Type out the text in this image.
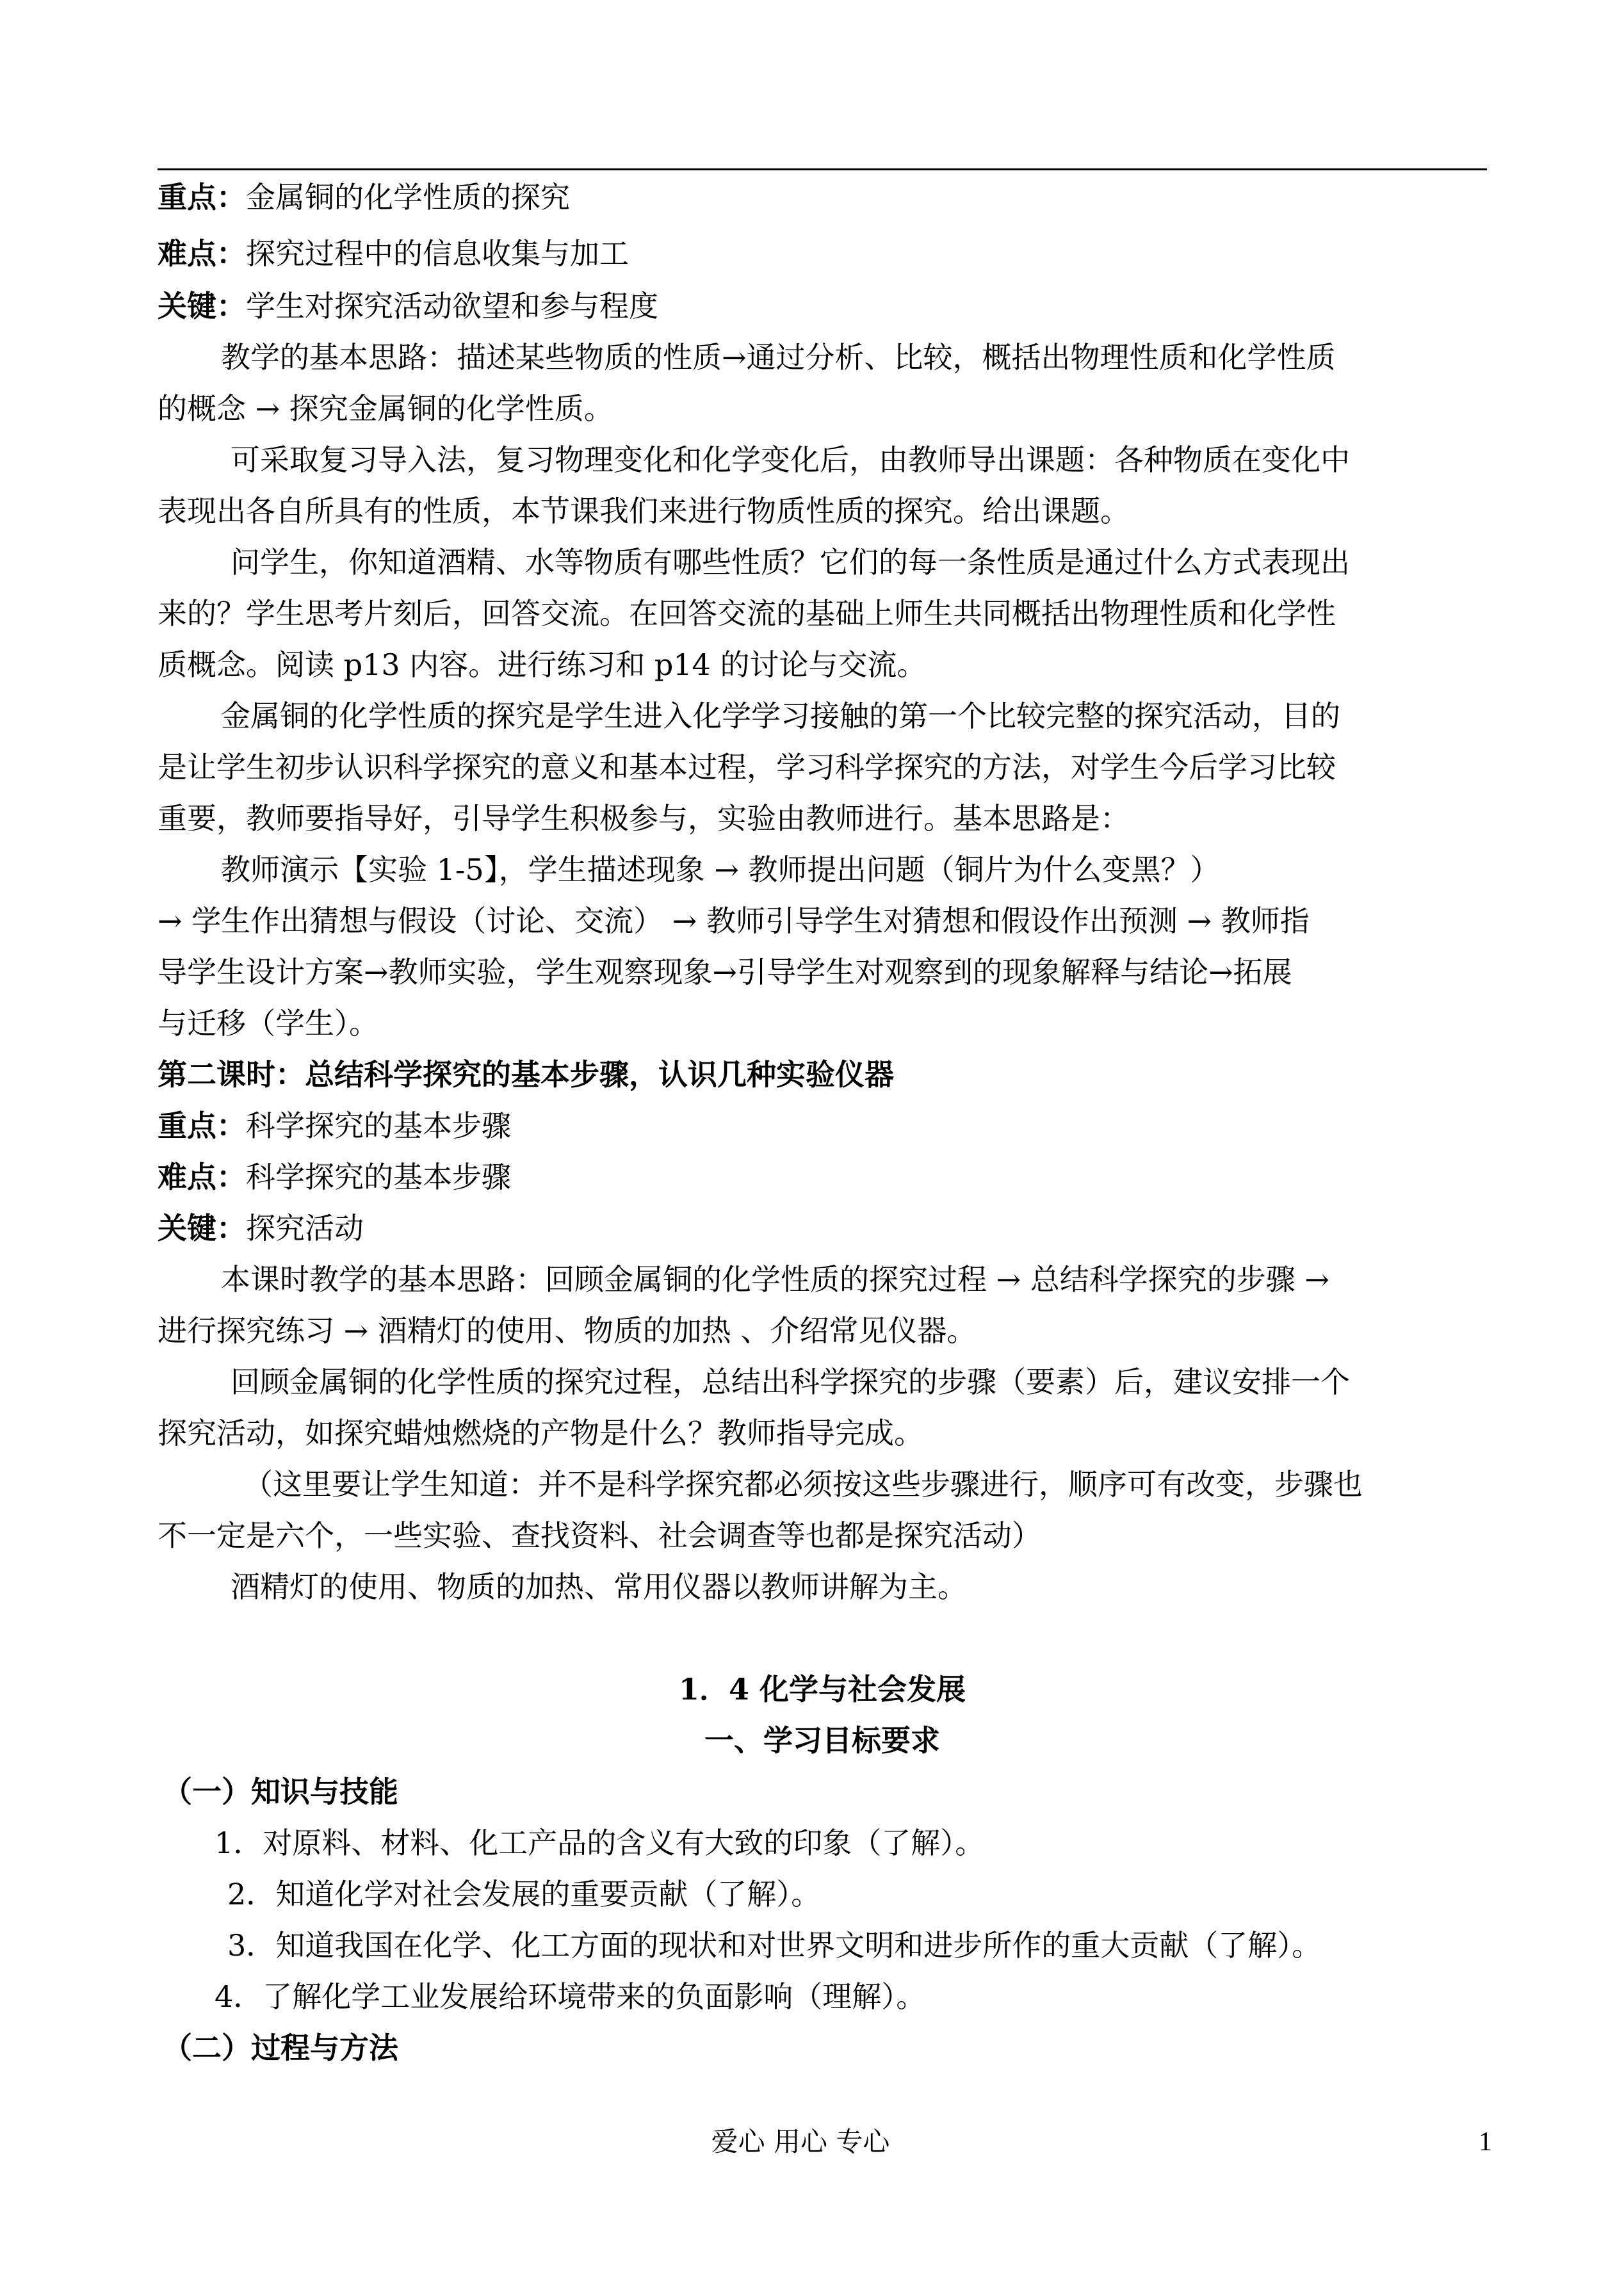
重点：金属铜的化学性质的探究
难点：探究过程中的信息收集与加工
关键：学生对探究活动欲望和参与程度
教学的基本思路：描述某些物质的性质→通过分析、比较，概括出物理性质和化学性质
的概念 → 探究金属铜的化学性质。
可采取复习导入法，复习物理变化和化学变化后，由教师导出课题：各种物质在变化中
表现出各自所具有的性质，本节课我们来进行物质性质的探究。给出课题。
问学生，你知道酒精、水等物质有哪些性质？它们的每一条性质是通过什么方式表现出
来的？学生思考片刻后，回答交流。在回答交流的基础上师生共同概括出物理性质和化学性
质概念。阅读 p13 内容。进行练习和 p14 的讨论与交流。
金属铜的化学性质的探究是学生进入化学学习接触的第一个比较完整的探究活动，目的
是让学生初步认识科学探究的意义和基本过程，学习科学探究的方法，对学生今后学习比较
重要，教师要指导好，引导学生积极参与，实验由教师进行。基本思路是：
教师演示【实验 1-5】，学生描述现象 → 教师提出问题（铜片为什么变黑？）
→ 学生作出猜想与假设（讨论、交流） → 教师引导学生对猜想和假设作出预测 → 教师指
导学生设计方案→教师实验，学生观察现象→引导学生对观察到的现象解释与结论→拓展
与迁移（学生）。
第二课时：总结科学探究的基本步骤，认识几种实验仪器
重点：科学探究的基本步骤
难点：科学探究的基本步骤
关键：探究活动
本课时教学的基本思路：回顾金属铜的化学性质的探究过程 → 总结科学探究的步骤 →
进行探究练习 → 酒精灯的使用、物质的加热 、介绍常见仪器。
回顾金属铜的化学性质的探究过程，总结出科学探究的步骤（要素）后，建议安排一个
探究活动，如探究蜡烛燃烧的产物是什么？教师指导完成。
（这里要让学生知道：并不是科学探究都必须按这些步骤进行，顺序可有改变，步骤也
不一定是六个，一些实验、查找资料、社会调查等也都是探究活动）
酒精灯的使用、物质的加热、常用仪器以教师讲解为主。
1．4 化学与社会发展
一、学习目标要求
（一）知识与技能
1．对原料、材料、化工产品的含义有大致的印象（了解）。
2．知道化学对社会发展的重要贡献（了解）。
3．知道我国在化学、化工方面的现状和对世界文明和进步所作的重大贡献（了解）。
4．了解化学工业发展给环境带来的负面影响（理解）。
（二）过程与方法
爱心 用心 专心	1
